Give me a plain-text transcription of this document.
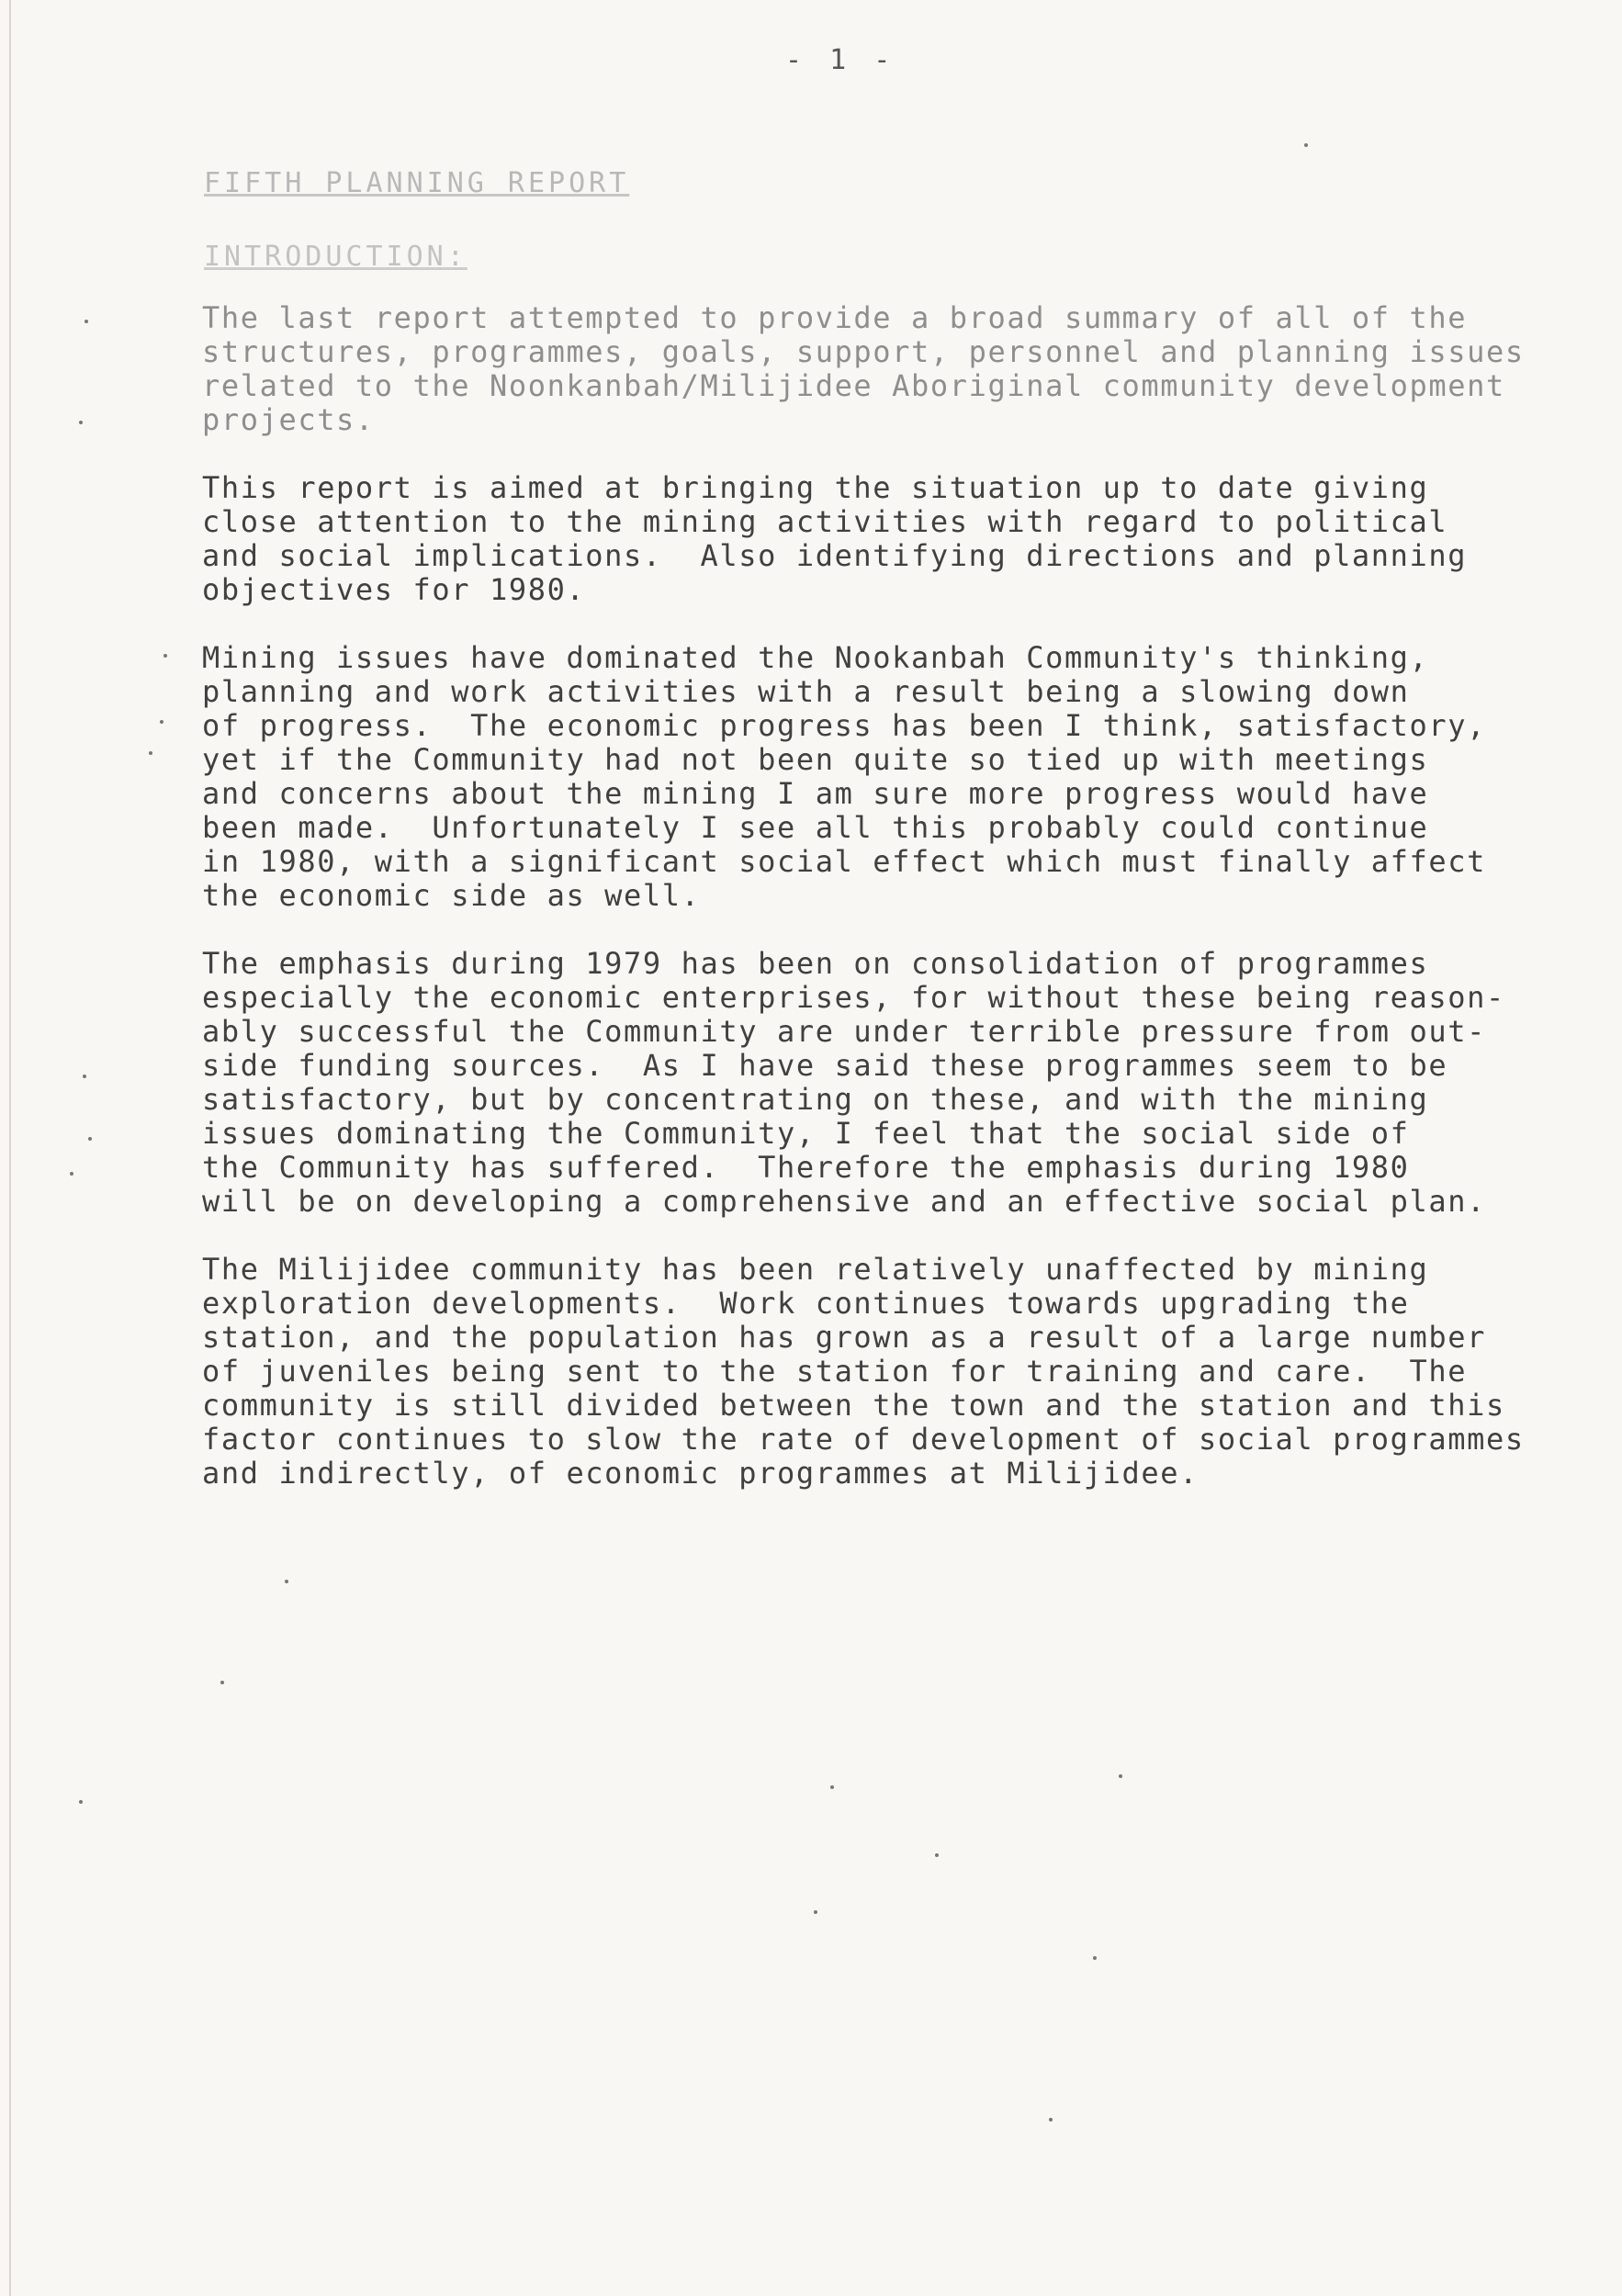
- 1 -
FIFTH PLANNING REPORT
INTRODUCTION:
The last report attempted to provide a broad summary of all of the
structures, programmes, goals, support, personnel and planning issues
related to the Noonkanbah/Milijidee Aboriginal community development
projects.
This report is aimed at bringing the situation up to date giving
close attention to the mining activities with regard to political
and social implications.  Also identifying directions and planning
objectives for 1980.
Mining issues have dominated the Nookanbah Community's thinking,
planning and work activities with a result being a slowing down
of progress.  The economic progress has been I think, satisfactory,
yet if the Community had not been quite so tied up with meetings
and concerns about the mining I am sure more progress would have
been made.  Unfortunately I see all this probably could continue
in 1980, with a significant social effect which must finally affect
the economic side as well.
The emphasis during 1979 has been on consolidation of programmes
especially the economic enterprises, for without these being reason-
ably successful the Community are under terrible pressure from out-
side funding sources.  As I have said these programmes seem to be
satisfactory, but by concentrating on these, and with the mining
issues dominating the Community, I feel that the social side of
the Community has suffered.  Therefore the emphasis during 1980
will be on developing a comprehensive and an effective social plan.
The Milijidee community has been relatively unaffected by mining
exploration developments.  Work continues towards upgrading the
station, and the population has grown as a result of a large number
of juveniles being sent to the station for training and care.  The
community is still divided between the town and the station and this
factor continues to slow the rate of development of social programmes
and indirectly, of economic programmes at Milijidee.
